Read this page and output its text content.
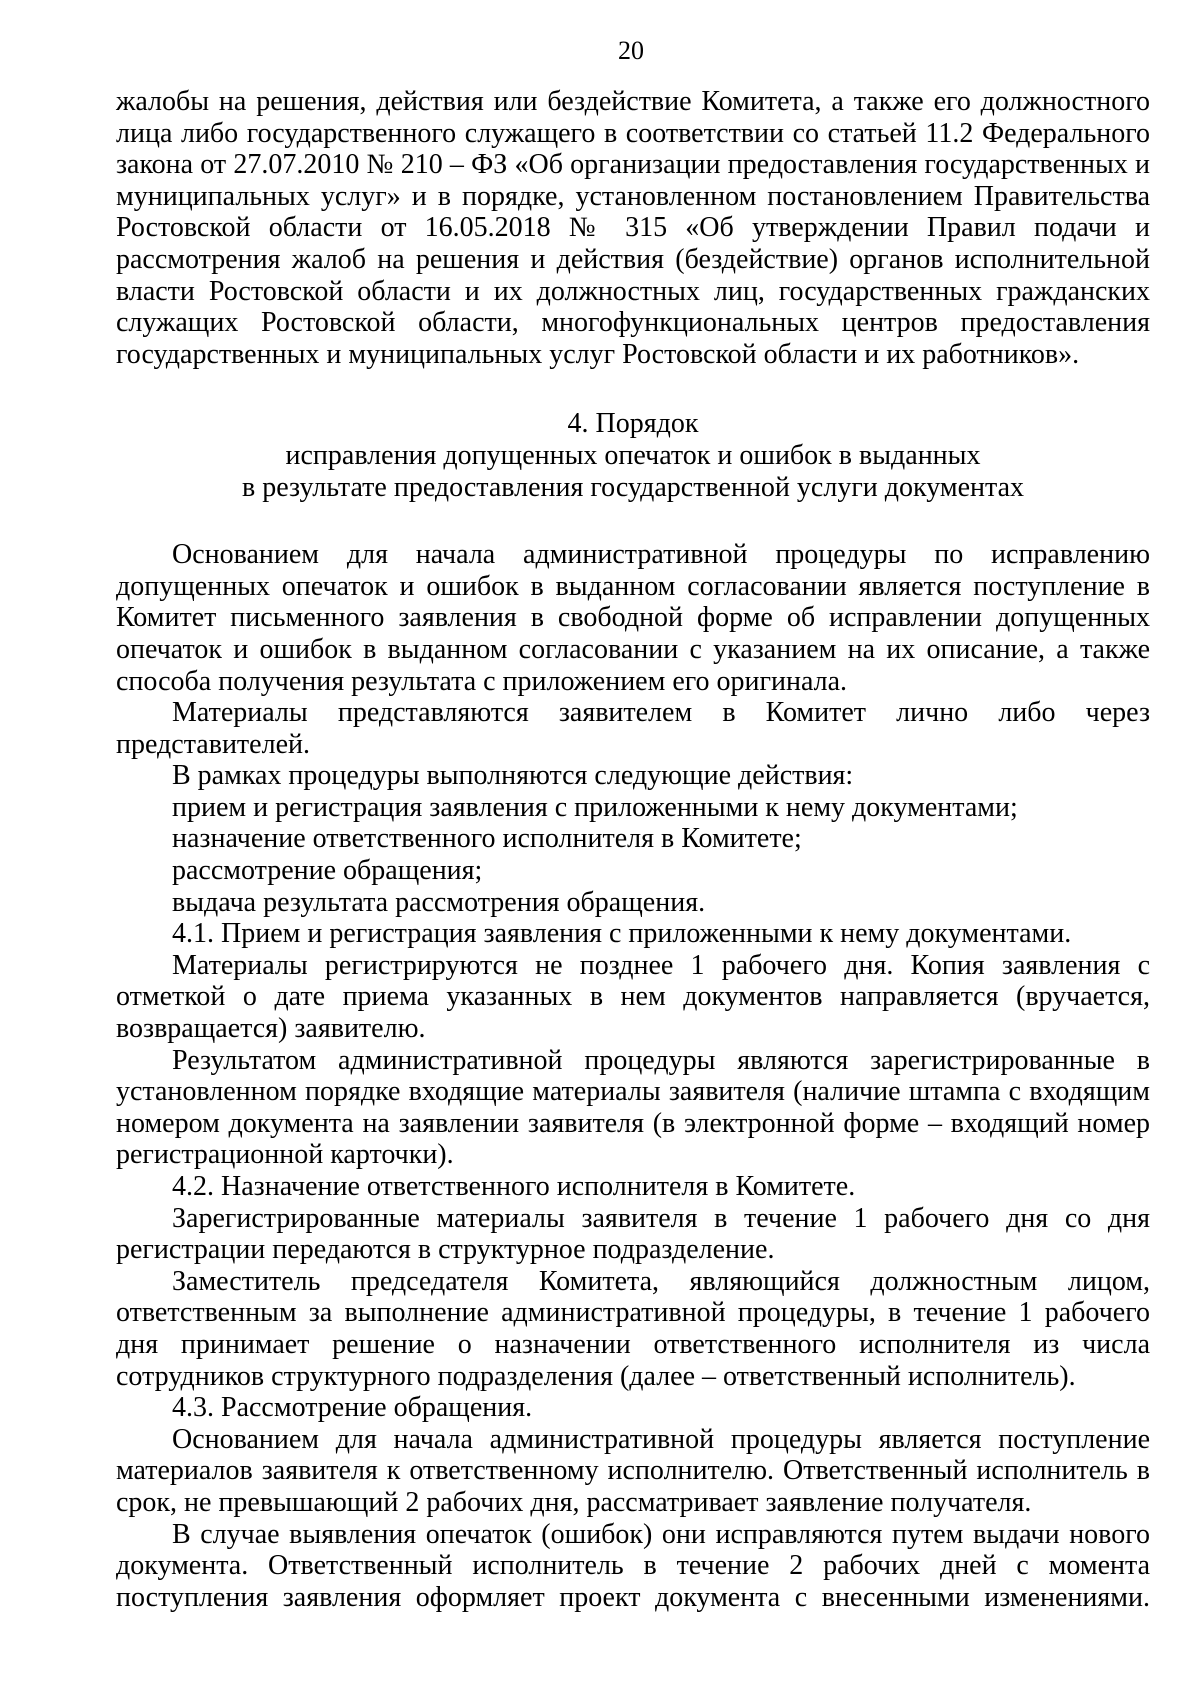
20

жалобы на решения, действия или бездействие Комитета, а также его должностного лица либо государственного служащего в соответствии со статьей 11.2 Федерального закона от 27.07.2010 № 210 – ФЗ «Об организации предоставления государственных и муниципальных услуг» и в порядке, установленном постановлением Правительства Ростовской области от 16.05.2018 № 315 «Об утверждении Правил подачи и рассмотрения жалоб на решения и действия (бездействие) органов исполнительной власти Ростовской области и их должностных лиц, государственных гражданских служащих Ростовской области, многофункциональных центров предоставления государственных и муниципальных услуг Ростовской области и их работников».

4. Порядок

исправления допущенных опечаток и ошибок в выданных

в результате предоставления государственной услуги документах

Основанием для начала административной процедуры по исправлению допущенных опечаток и ошибок в выданном согласовании является поступление в Комитет письменного заявления в свободной форме об исправлении допущенных опечаток и ошибок в выданном согласовании с указанием на их описание, а также способа получения результата с приложением его оригинала.

Материалы представляются заявителем в Комитет лично либо через представителей.

В рамках процедуры выполняются следующие действия:

прием и регистрация заявления с приложенными к нему документами;

назначение ответственного исполнителя в Комитете;

рассмотрение обращения;

выдача результата рассмотрения обращения.

4.1. Прием и регистрация заявления с приложенными к нему документами.

Материалы регистрируются не позднее 1 рабочего дня. Копия заявления с отметкой о дате приема указанных в нем документов направляется (вручается, возвращается) заявителю.

Результатом административной процедуры являются зарегистрированные в установленном порядке входящие материалы заявителя (наличие штампа с входящим номером документа на заявлении заявителя (в электронной форме – входящий номер регистрационной карточки).

4.2. Назначение ответственного исполнителя в Комитете.

Зарегистрированные материалы заявителя в течение 1 рабочего дня со дня регистрации передаются в структурное подразделение.

Заместитель председателя Комитета, являющийся должностным лицом, ответственным за выполнение административной процедуры, в течение 1 рабочего дня принимает решение о назначении ответственного исполнителя из числа сотрудников структурного подразделения (далее – ответственный исполнитель).

4.3. Рассмотрение обращения.

Основанием для начала административной процедуры является поступление материалов заявителя к ответственному исполнителю. Ответственный исполнитель в срок, не превышающий 2 рабочих дня, рассматривает заявление получателя.

В случае выявления опечаток (ошибок) они исправляются путем выдачи нового документа. Ответственный исполнитель в течение 2 рабочих дней с момента поступления заявления оформляет проект документа с внесенными изменениями.
